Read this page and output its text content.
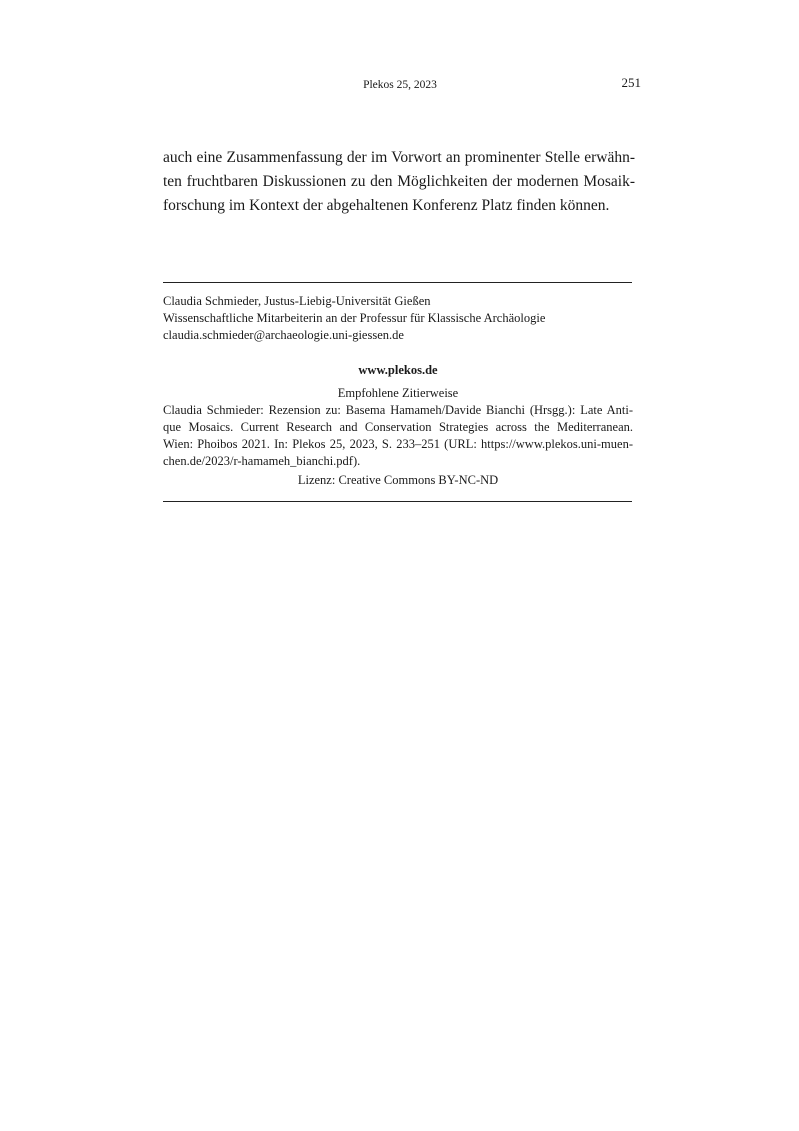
Plekos 25, 2023	251
auch eine Zusammenfassung der im Vorwort an prominenter Stelle erwähn-
ten fruchtbaren Diskussionen zu den Möglichkeiten der modernen Mosaik-
forschung im Kontext der abgehaltenen Konferenz Platz finden können.
Claudia Schmieder, Justus-Liebig-Universität Gießen
Wissenschaftliche Mitarbeiterin an der Professur für Klassische Archäologie
claudia.schmieder@archaeologie.uni-giessen.de
www.plekos.de
Empfohlene Zitierweise
Claudia Schmieder: Rezension zu: Basema Hamameh/Davide Bianchi (Hrsgg.): Late Anti-
que Mosaics. Current Research and Conservation Strategies across the Mediterranean.
Wien: Phoibos 2021. In: Plekos 25, 2023, S. 233–251 (URL: https://www.plekos.uni-muen-
chen.de/2023/r-hamameh_bianchi.pdf).
Lizenz: Creative Commons BY-NC-ND
